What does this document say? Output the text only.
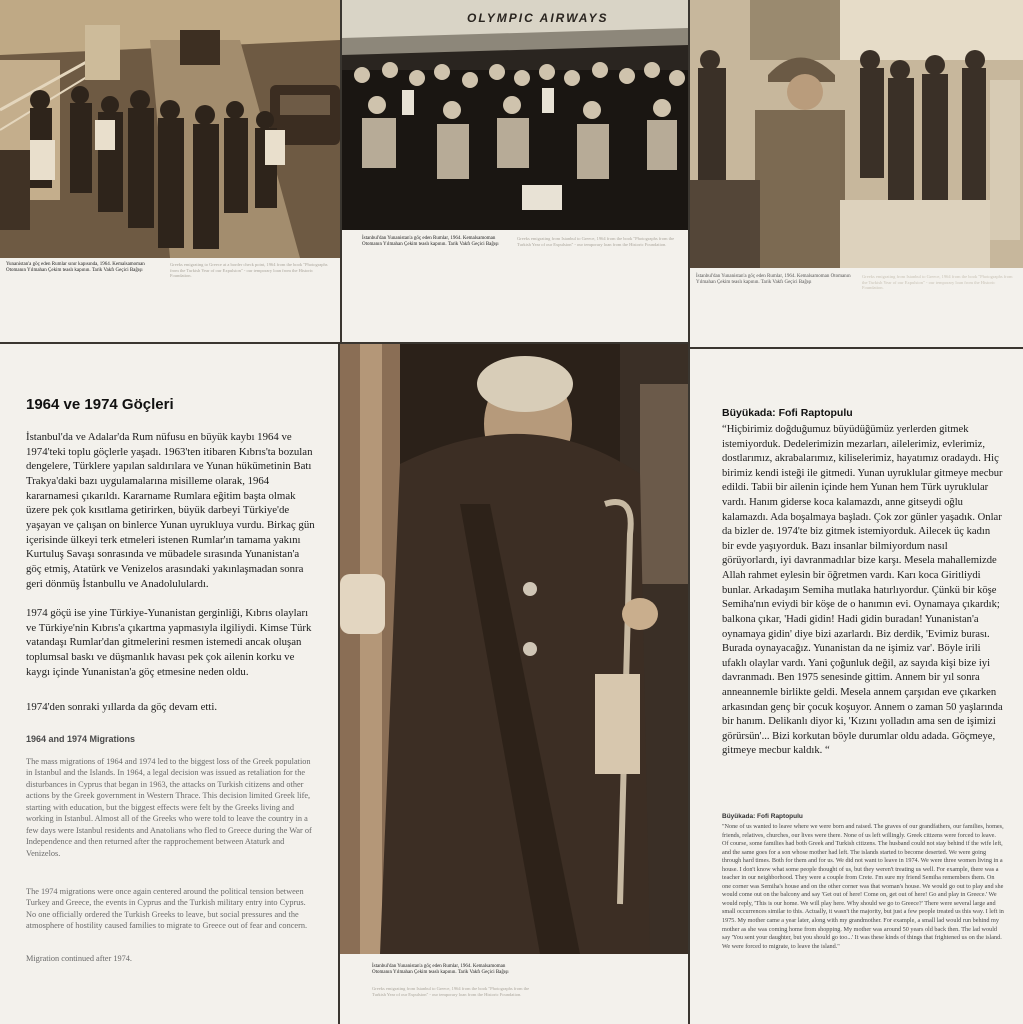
Yunanistan'a göç eden Rumlar sınır kapısında, 1964. Kemalsamoman Otomanın Yılmahan Çekim teaslı kapının. Tarik Vakfı Geçici Bağışı
Greeks emigrating to Greece at a border check point, 1964 from the book "Photographs from the Turkish Year of our Expulsion" - our temporary loan from the Historic Foundation.
OLYMPIC AIRWAYS
İstanbul'dan Yunanistan'a göç eden Rumlar, 1964. Kemalsamoman Otomanın Yılmahan Çekim teaslı kapının. Tarik Vakfı Geçici Bağışı
Greeks emigrating from Istanbul to Greece, 1964 from the book "Photographs from the Turkish Year of our Expulsion" - our temporary loan from the Historic Foundation.
İstanbul'dan Yunanistan'a göç eden Rumlar, 1964. Kemalsamoman Otomanın Yılmahan Çekim teaslı kapının. Tarik Vakfı Geçici Bağışı
Greeks emigrating from Istanbul to Greece, 1964 from the book "Photographs from the Turkish Year of our Expulsion" - our temporary loan from the Historic Foundation.
1964 ve 1974 Göçleri
İstanbul'da ve Adalar'da Rum nüfusu en büyük kaybı 1964 ve 1974'teki toplu göçlerle yaşadı. 1963'ten itibaren Kıbrıs'ta bozulan dengelere, Türklere yapılan saldırılara ve Yunan hükümetinin Batı Trakya'daki bazı uygulamalarına misilleme olarak, 1964 kararnamesi çıkarıldı. Kararname Rumlara eğitim başta olmak üzere pek çok kısıtlama getirirken, büyük darbeyi Türkiye'de yaşayan ve çalışan on binlerce Yunan uyrukluya vurdu. Birkaç gün içerisinde ülkeyi terk etmeleri istenen Rumlar'ın tamama yakını Kurtuluş Savaşı sonrasında ve mübadele sırasında Yunanistan'a göç etmiş, Atatürk ve Venizelos arasındaki yakınlaşmadan sonra geri dönmüş İstanbullu ve Anadolululardı.
1974 göçü ise yine Türkiye-Yunanistan gerginliği, Kıbrıs olayları ve Türkiye'nin Kıbrıs'a çıkartma yapmasıyla ilgiliydi. Kimse Türk vatandaşı Rumlar'dan gitmelerini resmen istemedi ancak oluşan toplumsal baskı ve düşmanlık havası pek çok ailenin korku ve kaygı içinde Yunanistan'a göç etmesine neden oldu.
1974'den sonraki yıllarda da göç devam etti.
1964 and 1974 Migrations
The mass migrations of 1964 and 1974 led to the biggest loss of the Greek population in Istanbul and the Islands. In 1964, a legal decision was issued as retaliation for the disturbances in Cyprus that began in 1963, the attacks on Turkish citizens and other actions by the Greek government in Western Thrace. This decision limited Greek life, starting with education, but the biggest effects were felt by the Greeks living and working in Istanbul. Almost all of the Greeks who were told to leave the country in a few days were Istanbul residents and Anatolians who fled to Greece during the War of Independence and then returned after the rapprochement between Ataturk and Venizelos.
The 1974 migrations were once again centered around the political tension between Turkey and Greece, the events in Cyprus and the Turkish military entry into Cyprus. No one officially ordered the Turkish Greeks to leave, but social pressures and the atmosphere of hostility caused families to migrate to Greece out of fear and concern.
Migration continued after 1974.
İstanbul'dan Yunanistan'a göç eden Rumlar, 1964. Kemalsamoman Otomanın Yılmahan Çekim teaslı kapının. Tarik Vakfı Geçici Bağışı
Greeks emigrating from Istanbul to Greece, 1964 from the book "Photographs from the Turkish Year of our Expulsion" - our temporary loan from the Historic Foundation.
Büyükada: Fofi Raptopulu
“Hiçbirimiz doğduğumuz büyüdüğümüz yerlerden gitmek istemiyorduk. Dedelerimizin mezarları, ailelerimiz, evlerimiz, dostlarımız, akrabalarımız, kiliselerimiz, hayatımız oradaydı. Hiç birimiz kendi isteği ile gitmedi. Yunan uyruklular gitmeye mecbur edildi. Tabii bir ailenin içinde hem Yunan hem Türk uyruklular vardı. Hanım giderse koca kalamazdı, anne gitseydi oğlu kalamazdı. Ada boşalmaya başladı. Çok zor günler yaşadık. Onlar da bizler de. 1974'te biz gitmek istemiyorduk. Ailecek üç kadın bir evde yaşıyorduk. Bazı insanlar bilmiyordum nasıl görüyorlardı, iyi davranmadılar bize karşı. Mesela mahallemizde Allah rahmet eylesin bir öğretmen vardı. Karı koca Giritliydi bunlar. Arkadaşım Semiha mutlaka hatırlıyordur. Çünkü bir köşe Semiha'nın eviydi bir köşe de o hanımın evi. Oynamaya çıkardık; balkona çıkar, 'Hadi gidin! Hadi gidin buradan! Yunanistan'a oynamaya gidin' diye bizi azarlardı. Biz derdik, 'Evimiz burası. Burada oynayacağız. Yunanistan da ne işimiz var'. Böyle irili ufaklı olaylar vardı. Yani çoğunluk değil, az sayıda kişi bize iyi davranmadı. Ben 1975 senesinde gittim. Annem bir yıl sonra anneannemle birlikte geldi. Mesela annem çarşıdan eve çıkarken arkasından genç bir çocuk koşuyor. Annem o zaman 50 yaşlarında bir hanım. Delikanlı diyor ki, 'Kızını yolladın ama sen de işimizi görürsün'... Bizi korkutan böyle durumlar oldu adada. Göçmeye, gitmeye mecbur kaldık. “
Büyükada: Fofi Raptopulu
"None of us wanted to leave where we were born and raised. The graves of our grandfathers, our families, homes, friends, relatives, churches, our lives were there. None of us left willingly. Greek citizens were forced to leave. Of course, some families had both Greek and Turkish citizens. The husband could not stay behind if the wife left, and the same goes for a son whose mother had left. The islands started to become deserted. We were going through hard times. Both for them and for us. We did not want to leave in 1974. We were three women living in a house. I don't know what some people thought of us, but they weren't treating us well. For example, there was a teacher in our neighborhood. They were a couple from Crete. I'm sure my friend Semiha remembers them. On one corner was Semiha's house and on the other corner was that woman's house. We would go out to play and she would come out on the balcony and say 'Get out of here! Come on, get out of here! Go and play in Greece.' We would reply, 'This is our home. We will play here. Why should we go to Greece?' There were several large and small occurrences similar to this. Actually, it wasn't the majority, but just a few people treated us this way. I left in 1975. My mother came a year later, along with my grandmother. For example, a small lad would run behind my mother as she was coming home from shopping. My mother was around 50 years old back then. The lad would say 'You sent your daughter, but you should go too...' It was these kinds of things that frightened us on the island. We were forced to migrate, to leave the island."
